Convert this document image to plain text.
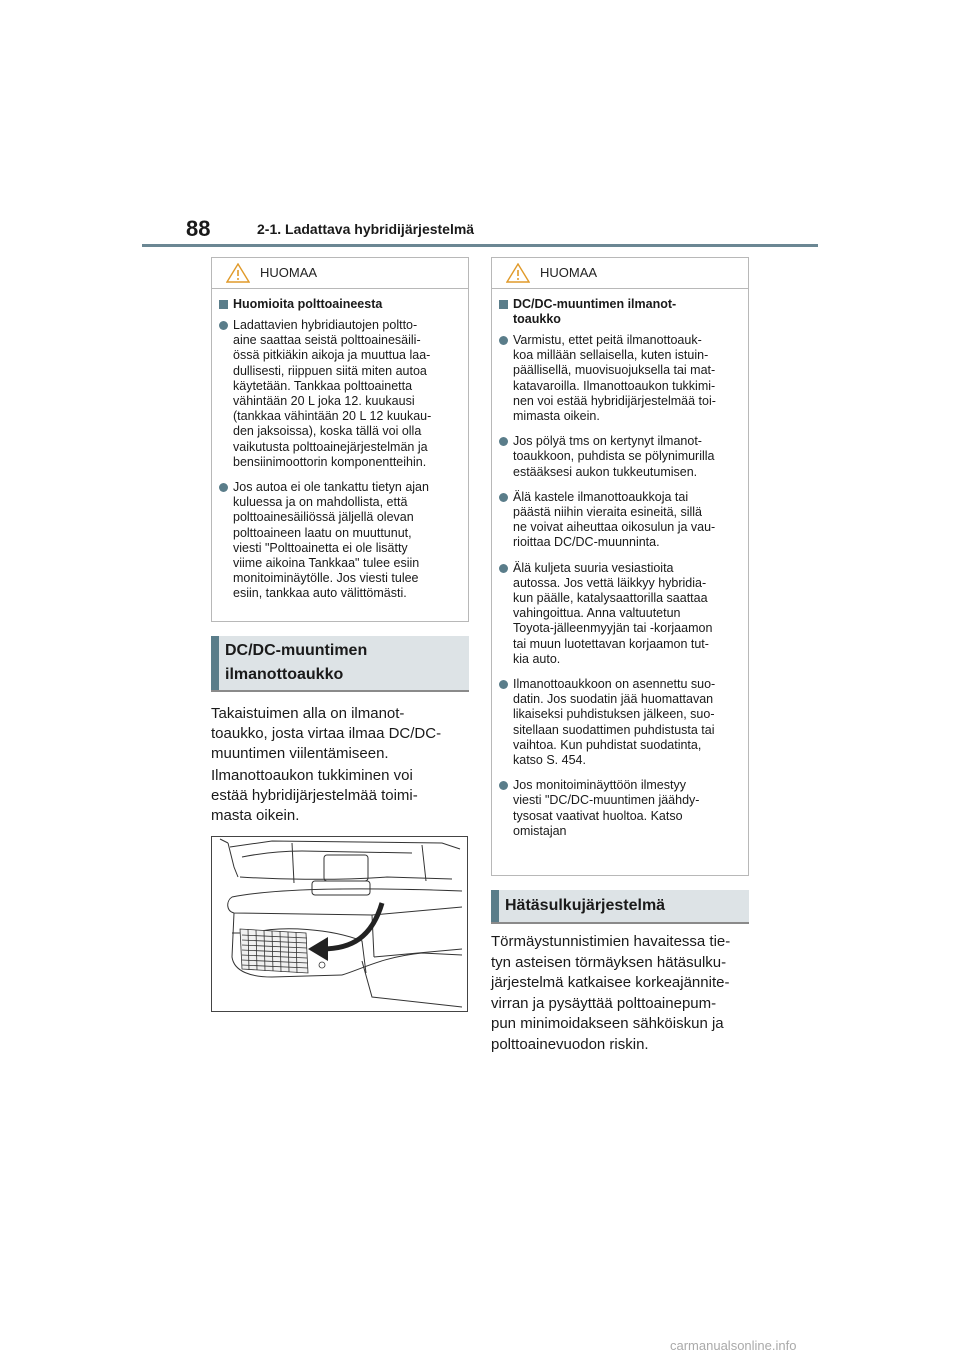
88	2-1. Ladattava hybridijärjestelmä
HUOMAA
Huomioita polttoaineesta
Ladattavien hybridiautojen poltto-
aine saattaa seistä polttoainesäili-
össä pitkiäkin aikoja ja muuttua laa-
dullisesti, riippuen siitä miten autoa
käytetään. Tankkaa polttoainetta
vähintään 20 L joka 12. kuukausi
(tankkaa vähintään 20 L 12 kuukau-
den jaksoissa), koska tällä voi olla
vaikutusta polttoainejärjestelmän ja
bensiinimoottorin komponentteihin.
Jos autoa ei ole tankattu tietyn ajan
kuluessa ja on mahdollista, että
polttoainesäiliössä jäljellä olevan
polttoaineen laatu on muuttunut,
viesti "Polttoainetta ei ole lisätty
viime aikoina Tankkaa" tulee esiin
monitoiminäytölle. Jos viesti tulee
esiin, tankkaa auto välittömästi.
DC/DC-muuntimen
ilmanottoaukko
Takaistuimen alla on ilmanot-
toaukko, josta virtaa ilmaa DC/DC-
muuntimen viilentämiseen.
Ilmanottoaukon tukkiminen voi
estää hybridijärjestelmää toimi-
masta oikein.
HUOMAA
DC/DC-muuntimen ilmanot-
toaukko
Varmistu, ettet peitä ilmanottoauk-
koa millään sellaisella, kuten istuin-
päällisellä, muovisuojuksella tai mat-
katavaroilla. Ilmanottoaukon tukkimi-
nen voi estää hybridijärjestelmää toi-
mimasta oikein.
Jos pölyä tms on kertynyt ilmanot-
toaukkoon, puhdista se pölynimurilla
estääksesi aukon tukkeutumisen.
Älä kastele ilmanottoaukkoja tai
päästä niihin vieraita esineitä, sillä
ne voivat aiheuttaa oikosulun ja vau-
rioittaa DC/DC-muunninta.
Älä kuljeta suuria vesiastioita
autossa. Jos vettä läikkyy hybridia-
kun päälle, katalysaattorilla saattaa
vahingoittua. Anna valtuutetun
Toyota-jälleenmyyjän tai -korjaamon
tai muun luotettavan korjaamon tut-
kia auto.
Ilmanottoaukkoon on asennettu suo-
datin. Jos suodatin jää huomattavan
likaiseksi puhdistuksen jälkeen, suo-
sitellaan suodattimen puhdistusta tai
vaihtoa. Kun puhdistat suodatinta,
katso S. 454.
Jos monitoiminäyttöön ilmestyy
viesti "DC/DC-muuntimen jäähdy-
tysosat vaativat huoltoa. Katso
omistajan
Hätäsulkujärjestelmä
Törmäystunnistimien havaitessa tie-
tyn asteisen törmäyksen hätäsulku-
järjestelmä katkaisee korkeajännite-
virran ja pysäyttää polttoainepum-
pun minimoidakseen sähköiskun ja
polttoainevuodon riskin.
carmanualsonline.info
